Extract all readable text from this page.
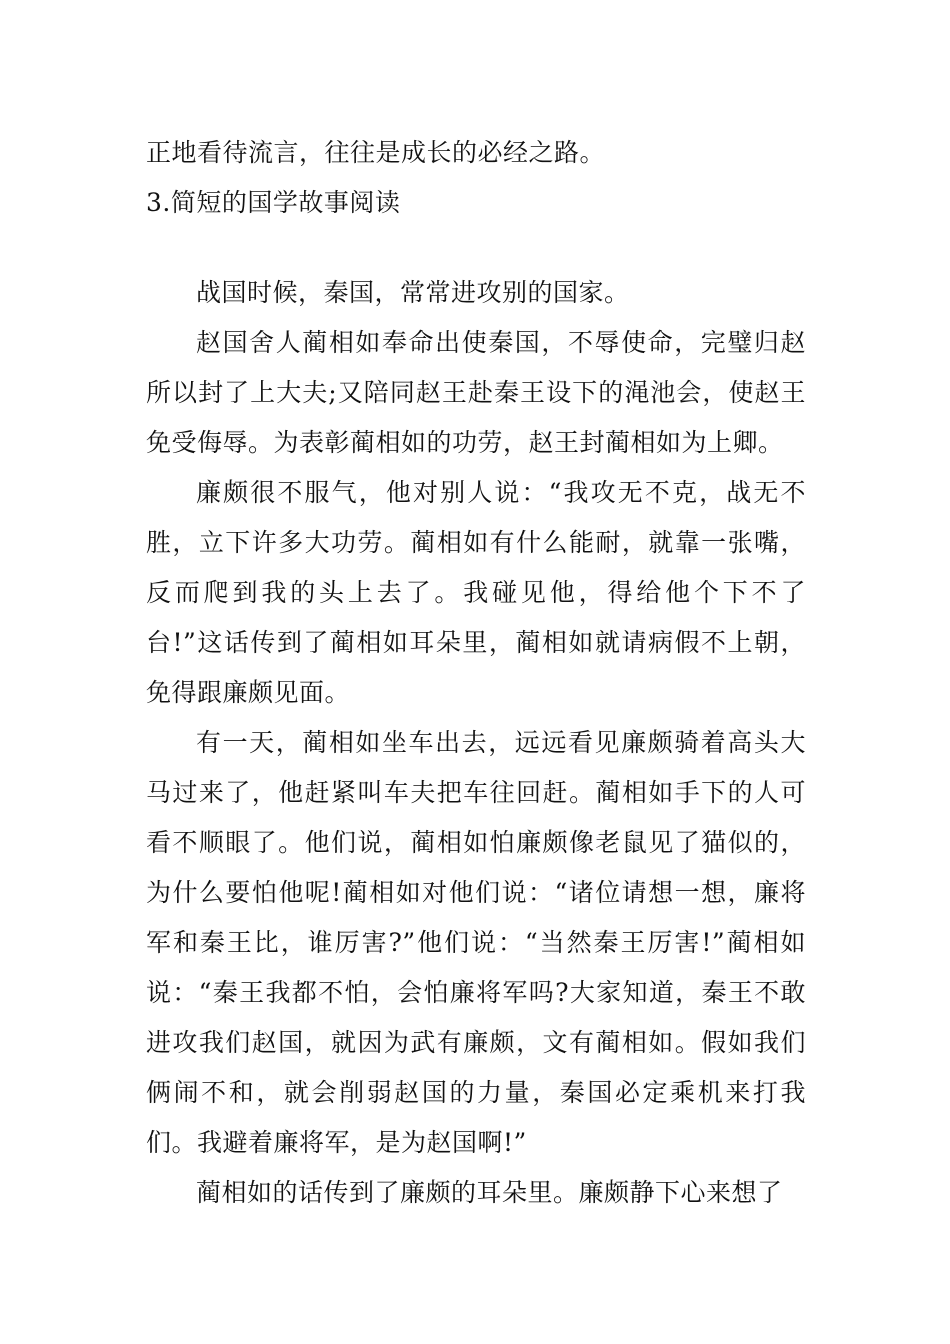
正地看待流言，往往是成长的必经之路。
3.简短的国学故事阅读

战国时候，秦国，常常进攻别的国家。

赵国舍人蔺相如奉命出使秦国，不辱使命，完璧归赵所以封了上大夫;又陪同赵王赴秦王设下的渑池会，使赵王免受侮辱。为表彰蔺相如的功劳，赵王封蔺相如为上卿。

廉颇很不服气，他对别人说：“我攻无不克，战无不胜，立下许多大功劳。蔺相如有什么能耐，就靠一张嘴，反而爬到我的头上去了。我碰见他，得给他个下不了台!”这话传到了蔺相如耳朵里，蔺相如就请病假不上朝，免得跟廉颇见面。

有一天，蔺相如坐车出去，远远看见廉颇骑着高头大马过来了，他赶紧叫车夫把车往回赶。蔺相如手下的人可看不顺眼了。他们说，蔺相如怕廉颇像老鼠见了猫似的，为什么要怕他呢!蔺相如对他们说：“诸位请想一想，廉将军和秦王比，谁厉害?”他们说：“当然秦王厉害!”蔺相如说：“秦王我都不怕，会怕廉将军吗?大家知道，秦王不敢进攻我们赵国，就因为武有廉颇，文有蔺相如。假如我们俩闹不和，就会削弱赵国的力量，秦国必定乘机来打我们。我避着廉将军，是为赵国啊!”

蔺相如的话传到了廉颇的耳朵里。廉颇静下心来想了
